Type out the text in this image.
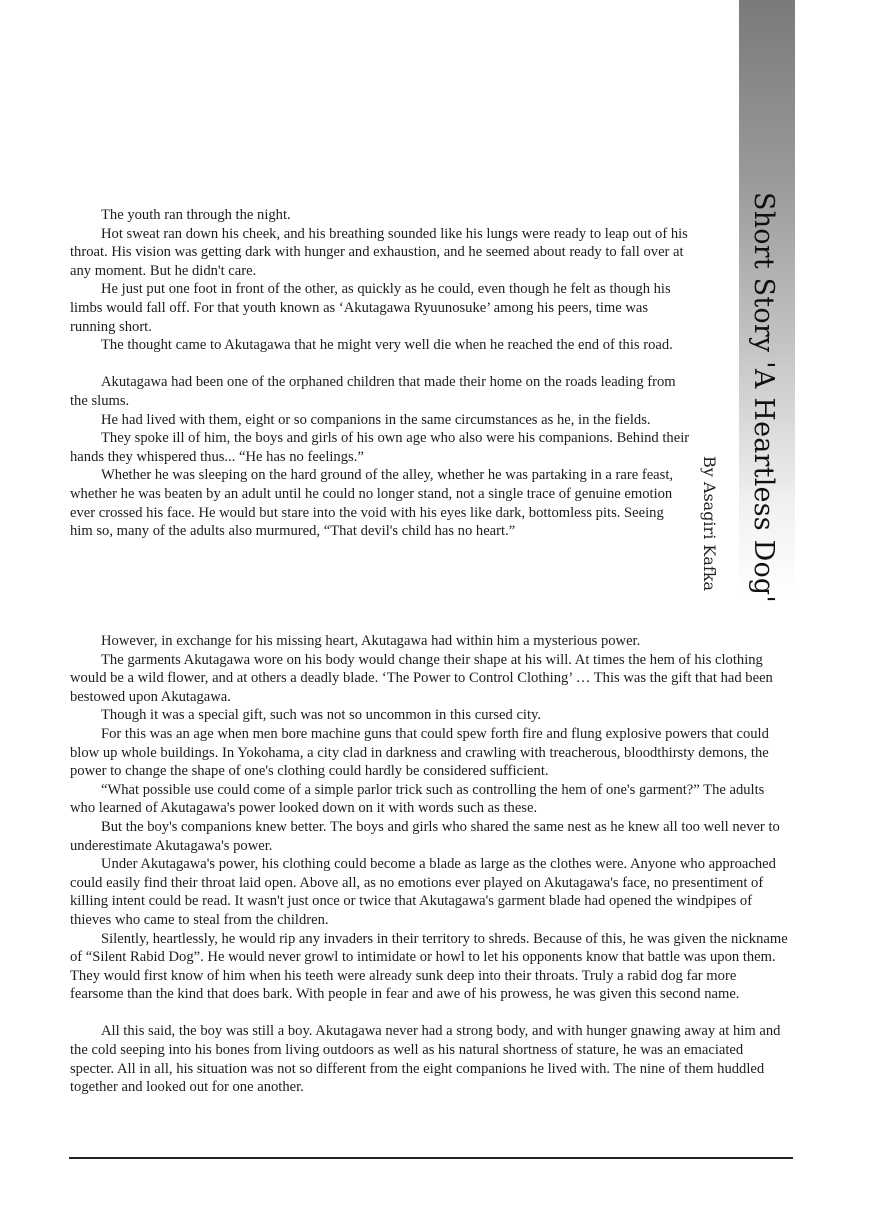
Short Story 'A Heartless Dog'
By Asagiri Kafka

The youth ran through the night.

Hot sweat ran down his cheek, and his breathing sounded like his lungs were ready to leap out of his throat. His vision was getting dark with hunger and exhaustion, and he seemed about ready to fall over at any moment. But he didn't care.

He just put one foot in front of the other, as quickly as he could, even though he felt as though his limbs would fall off. For that youth known as ‘Akutagawa Ryuunosuke’ among his peers, time was running short.

The thought came to Akutagawa that he might very well die when he reached the end of this road.

Akutagawa had been one of the orphaned children that made their home on the roads leading from the slums.

He had lived with them, eight or so companions in the same circumstances as he, in the fields.

They spoke ill of him, the boys and girls of his own age who also were his companions. Behind their hands they whispered thus... “He has no feelings.”

Whether he was sleeping on the hard ground of the alley, whether he was partaking in a rare feast, whether he was beaten by an adult until he could no longer stand, not a single trace of genuine emotion ever crossed his face. He would but stare into the void with his eyes like dark, bottomless pits. Seeing him so, many of the adults also murmured, “That devil's child has no heart.”

However, in exchange for his missing heart, Akutagawa had within him a mysterious power.

The garments Akutagawa wore on his body would change their shape at his will. At times the hem of his clothing would be a wild flower, and at others a deadly blade. ‘The Power to Control Clothing’ … This was the gift that had been bestowed upon Akutagawa.

Though it was a special gift, such was not so uncommon in this cursed city.

For this was an age when men bore machine guns that could spew forth fire and flung explosive powers that could blow up whole buildings. In Yokohama, a city clad in darkness and crawling with treacherous, bloodthirsty demons, the power to change the shape of one's clothing could hardly be considered sufficient.

“What possible use could come of a simple parlor trick such as controlling the hem of one's garment?” The adults who learned of Akutagawa's power looked down on it with words such as these.

But the boy's companions knew better. The boys and girls who shared the same nest as he knew all too well never to underestimate Akutagawa's power.

Under Akutagawa's power, his clothing could become a blade as large as the clothes were. Anyone who approached could easily find their throat laid open. Above all, as no emotions ever played on Akutagawa's face, no presentiment of killing intent could be read. It wasn't just once or twice that Akutagawa's garment blade had opened the windpipes of thieves who came to steal from the children.

Silently, heartlessly, he would rip any invaders in their territory to shreds. Because of this, he was given the nickname of “Silent Rabid Dog”. He would never growl to intimidate or howl to let his opponents know that battle was upon them. They would first know of him when his teeth were already sunk deep into their throats. Truly a rabid dog far more fearsome than the kind that does bark. With people in fear and awe of his prowess, he was given this second name.

All this said, the boy was still a boy. Akutagawa never had a strong body, and with hunger gnawing away at him and the cold seeping into his bones from living outdoors as well as his natural shortness of stature, he was an emaciated specter. All in all, his situation was not so different from the eight companions he lived with. The nine of them huddled together and looked out for one another.
